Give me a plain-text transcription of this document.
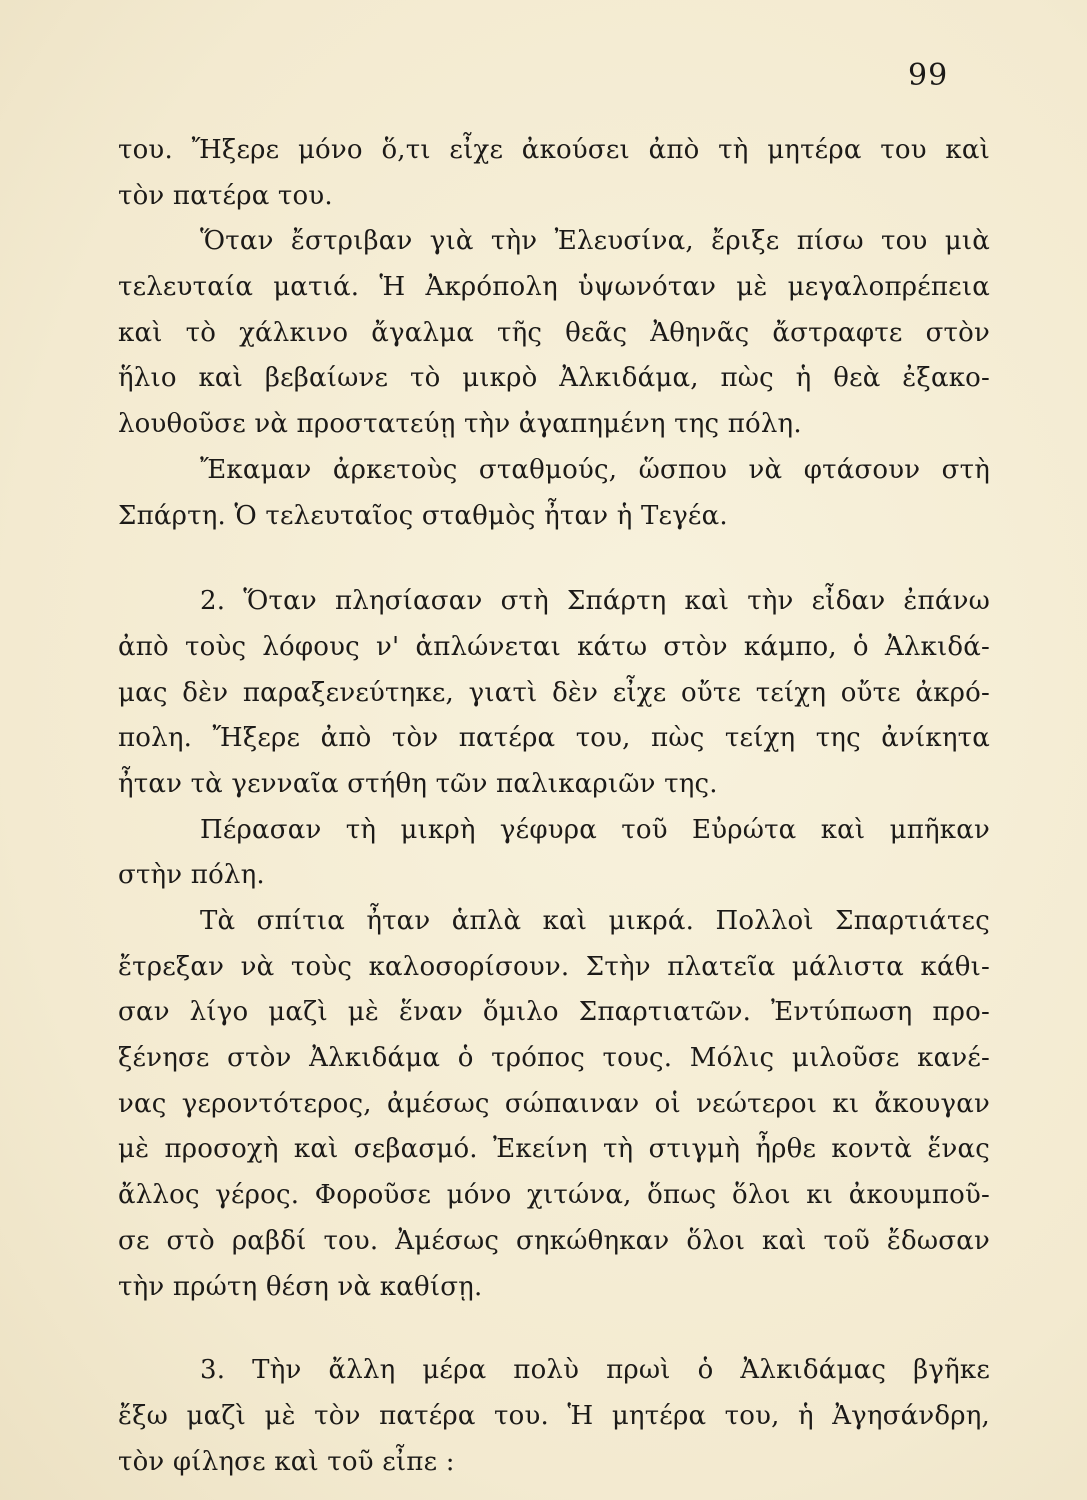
99
του. Ἤξερε μόνο ὅ,τι εἶχε ἀκούσει ἀπὸ τὴ μητέρα του καὶ
τὸν πατέρα του.
Ὅταν ἔστριβαν γιὰ τὴν Ἐλευσίνα, ἔριξε πίσω του μιὰ
τελευταία ματιά. Ἡ Ἀκρόπολη ὑψωνόταν μὲ μεγαλοπρέπεια
καὶ τὸ χάλκινο ἄγαλμα τῆς θεᾶς Ἀθηνᾶς ἄστραφτε στὸν
ἥλιο καὶ βεβαίωνε τὸ μικρὸ Ἀλκιδάμα, πὼς ἡ θεὰ ἐξακο-
λουθοῦσε νὰ προστατεύῃ τὴν ἀγαπημένη της πόλη.
Ἔκαμαν ἀρκετοὺς σταθμούς, ὥσπου νὰ φτάσουν στὴ
Σπάρτη. Ὁ τελευταῖος σταθμὸς ἦταν ἡ Τεγέα.
2. Ὅταν πλησίασαν στὴ Σπάρτη καὶ τὴν εἶδαν ἐπάνω
ἀπὸ τοὺς λόφους ν' ἁπλώνεται κάτω στὸν κάμπο, ὁ Ἀλκιδά-
μας δὲν παραξενεύτηκε, γιατὶ δὲν εἶχε οὔτε τείχη οὔτε ἀκρό-
πολη. Ἤξερε ἀπὸ τὸν πατέρα του, πὼς τείχη της ἀνίκητα
ἦταν τὰ γενναῖα στήθη τῶν παλικαριῶν της.
Πέρασαν τὴ μικρὴ γέφυρα τοῦ Εὐρώτα καὶ μπῆκαν
στὴν πόλη.
Τὰ σπίτια ἦταν ἁπλὰ καὶ μικρά. Πολλοὶ Σπαρτιάτες
ἔτρεξαν νὰ τοὺς καλοσορίσουν. Στὴν πλατεῖα μάλιστα κάθι-
σαν λίγο μαζὶ μὲ ἕναν ὅμιλο Σπαρτιατῶν. Ἐντύπωση προ-
ξένησε στὸν Ἀλκιδάμα ὁ τρόπος τους. Μόλις μιλοῦσε κανέ-
νας γεροντότερος, ἀμέσως σώπαιναν οἱ νεώτεροι κι ἄκουγαν
μὲ προσοχὴ καὶ σεβασμό. Ἐκείνη τὴ στιγμὴ ἦρθε κοντὰ ἕνας
ἄλλος γέρος. Φοροῦσε μόνο χιτώνα, ὅπως ὅλοι κι ἀκουμποῦ-
σε στὸ ραβδί του. Ἀμέσως σηκώθηκαν ὅλοι καὶ τοῦ ἔδωσαν
τὴν πρώτη θέση νὰ καθίσῃ.
3. Τὴν ἄλλη μέρα πολὺ πρωὶ ὁ Ἀλκιδάμας βγῆκε
ἔξω μαζὶ μὲ τὸν πατέρα του. Ἡ μητέρα του, ἡ Ἀγησάνδρη,
τὸν φίλησε καὶ τοῦ εἶπε :
